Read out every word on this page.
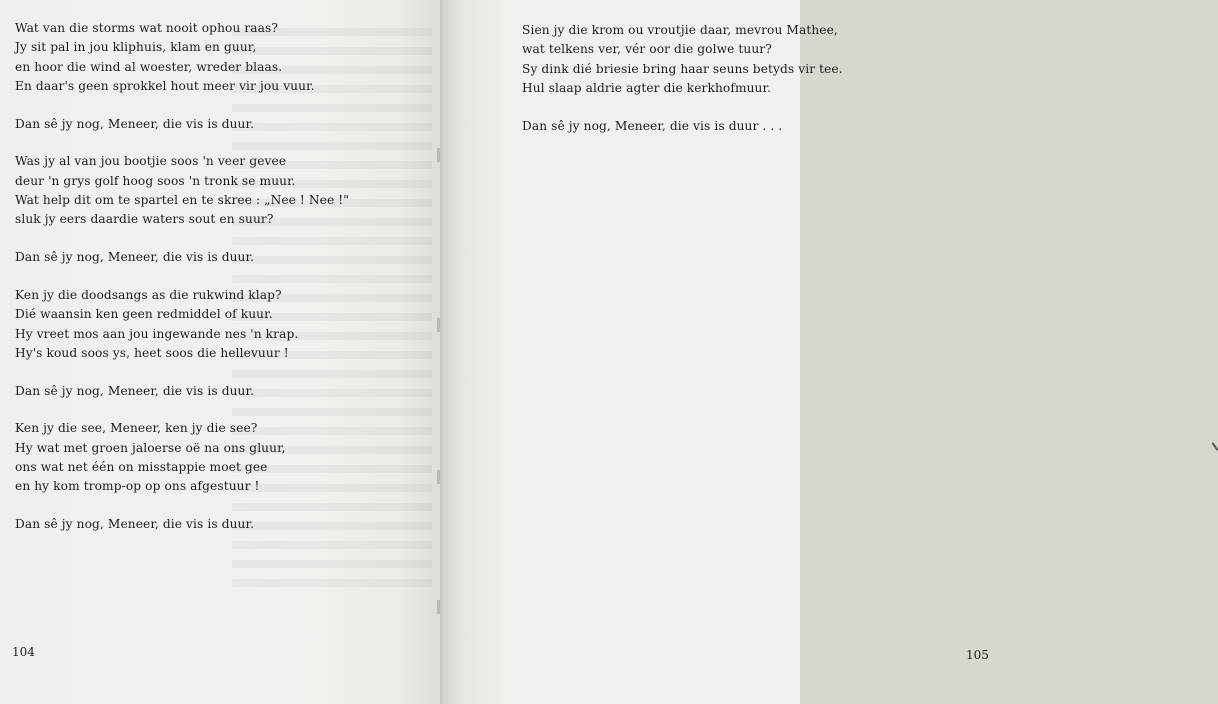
Wat van die storms wat nooit ophou raas?
Jy sit pal in jou kliphuis, klam en guur,
en hoor die wind al woester, wreder blaas.
En daar's geen sprokkel hout meer vir jou vuur.
Dan sê jy nog, Meneer, die vis is duur.
Was jy al van jou bootjie soos 'n veer gevee
deur 'n grys golf hoog soos 'n tronk se muur.
Wat help dit om te spartel en te skree : „Nee ! Nee !"
sluk jy eers daardie waters sout en suur?
Dan sê jy nog, Meneer, die vis is duur.
Ken jy die doodsangs as die rukwind klap?
Dié waansin ken geen redmiddel of kuur.
Hy vreet mos aan jou ingewande nes 'n krap.
Hy's koud soos ys, heet soos die hellevuur !
Dan sê jy nog, Meneer, die vis is duur.
Ken jy die see, Meneer, ken jy die see?
Hy wat met groen jaloerse oë na ons gluur,
ons wat net één on misstappie moet gee
en hy kom tromp-op op ons afgestuur !
Dan sê jy nog, Meneer, die vis is duur.
104	105
Sien jy die krom ou vroutjie daar, mevrou Mathee,
wat telkens ver, vér oor die golwe tuur?
Sy dink dié briesie bring haar seuns betyds vir tee.
Hul slaap aldrie agter die kerkhofmuur.
Dan sê jy nog, Meneer, die vis is duur . . .
